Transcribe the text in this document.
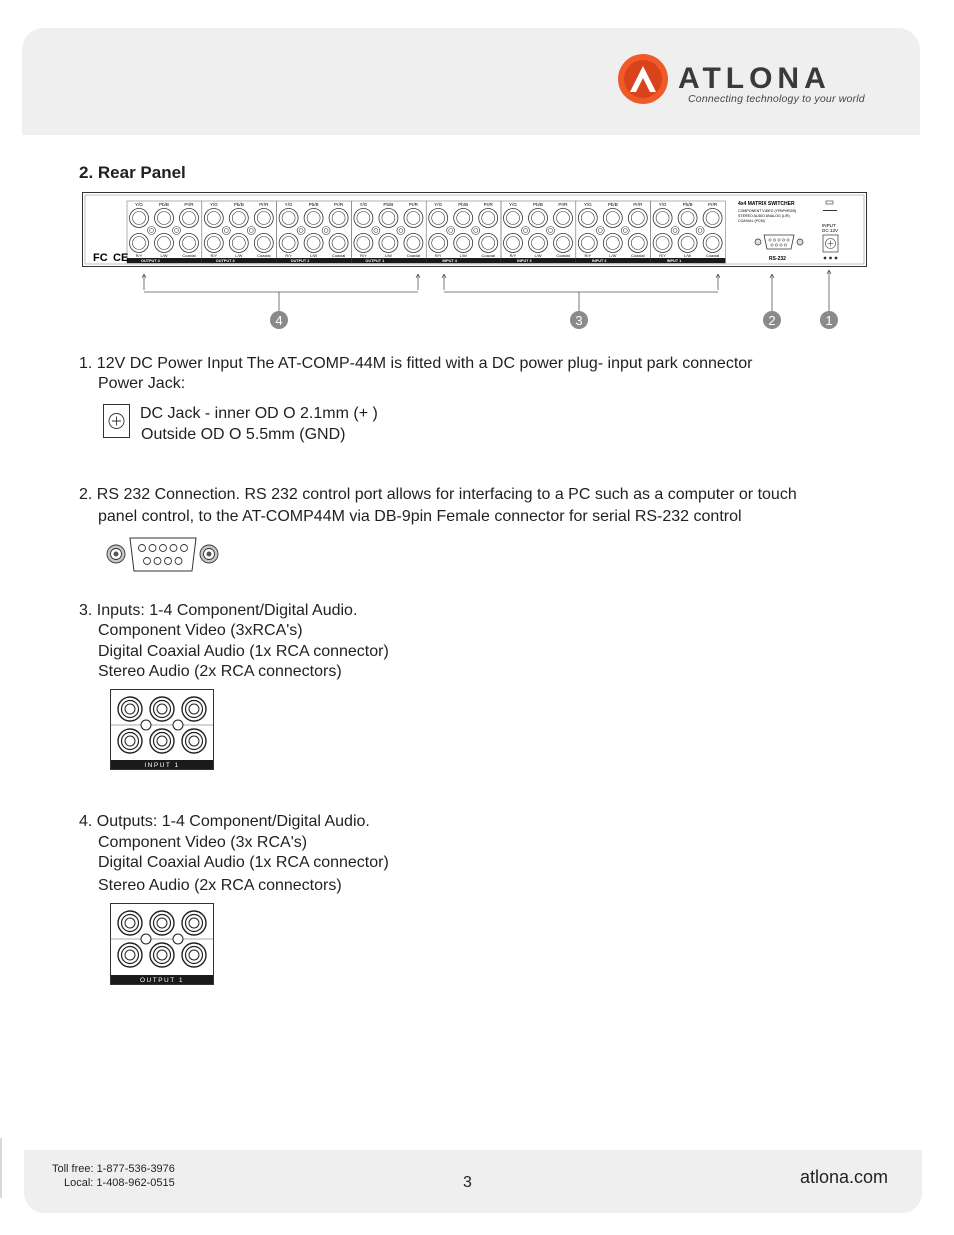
ATLONA
Connecting technology to your world
2. Rear Panel
Y/G	Pb/B	Pr/R
R/Y	L/W	Coaxial
OUTPUT 4
Y/G	Pb/B	Pr/R
R/Y	L/W	Coaxial
OUTPUT 3
Y/G	Pb/B	Pr/R
R/Y	L/W	Coaxial
OUTPUT 2
Y/G	Pb/B	Pr/R
R/Y	L/W	Coaxial
OUTPUT 1
Y/G	Pb/B	Pr/R
R/Y	L/W	Coaxial
INPUT 4
Y/G	Pb/B	Pr/R
R/Y	L/W	Coaxial
INPUT 3
Y/G	Pb/B	Pr/R
R/Y	L/W	Coaxial
INPUT 2
Y/G	Pb/B	Pr/R
R/Y	L/W	Coaxial
INPUT 1
FC CE
4x4 MATRIX SWITCHER
COMPONENT VIDEO (YPbPr/RGB)
STEREO AUDIO ANALOG (L/R)
COAXIAL (PCM)
RS-232
INPUT
DC 12V
4	3	2	1
1. 12V DC Power Input The AT-COMP-44M is fitted with a DC power plug- input park connector
Power Jack:
DC Jack - inner OD O 2.1mm (+ )
Outside OD O 5.5mm (GND)
2. RS 232 Connection. RS 232 control port allows for interfacing to a PC such as a computer or touch
panel control, to the AT-COMP44M via DB-9pin Female connector for serial RS-232 control
3. Inputs: 1-4 Component/Digital Audio.
Component Video (3xRCA's)
Digital Coaxial Audio (1x RCA connector)
Stereo Audio (2x RCA connectors)
INPUT 1
4. Outputs: 1-4 Component/Digital Audio.
Component Video (3x RCA's)
Digital Coaxial Audio (1x RCA connector)
Stereo Audio (2x RCA connectors)
OUTPUT 1
Toll free: 1-877-536-3976
Local: 1-408-962-0515	3	atlona.com
